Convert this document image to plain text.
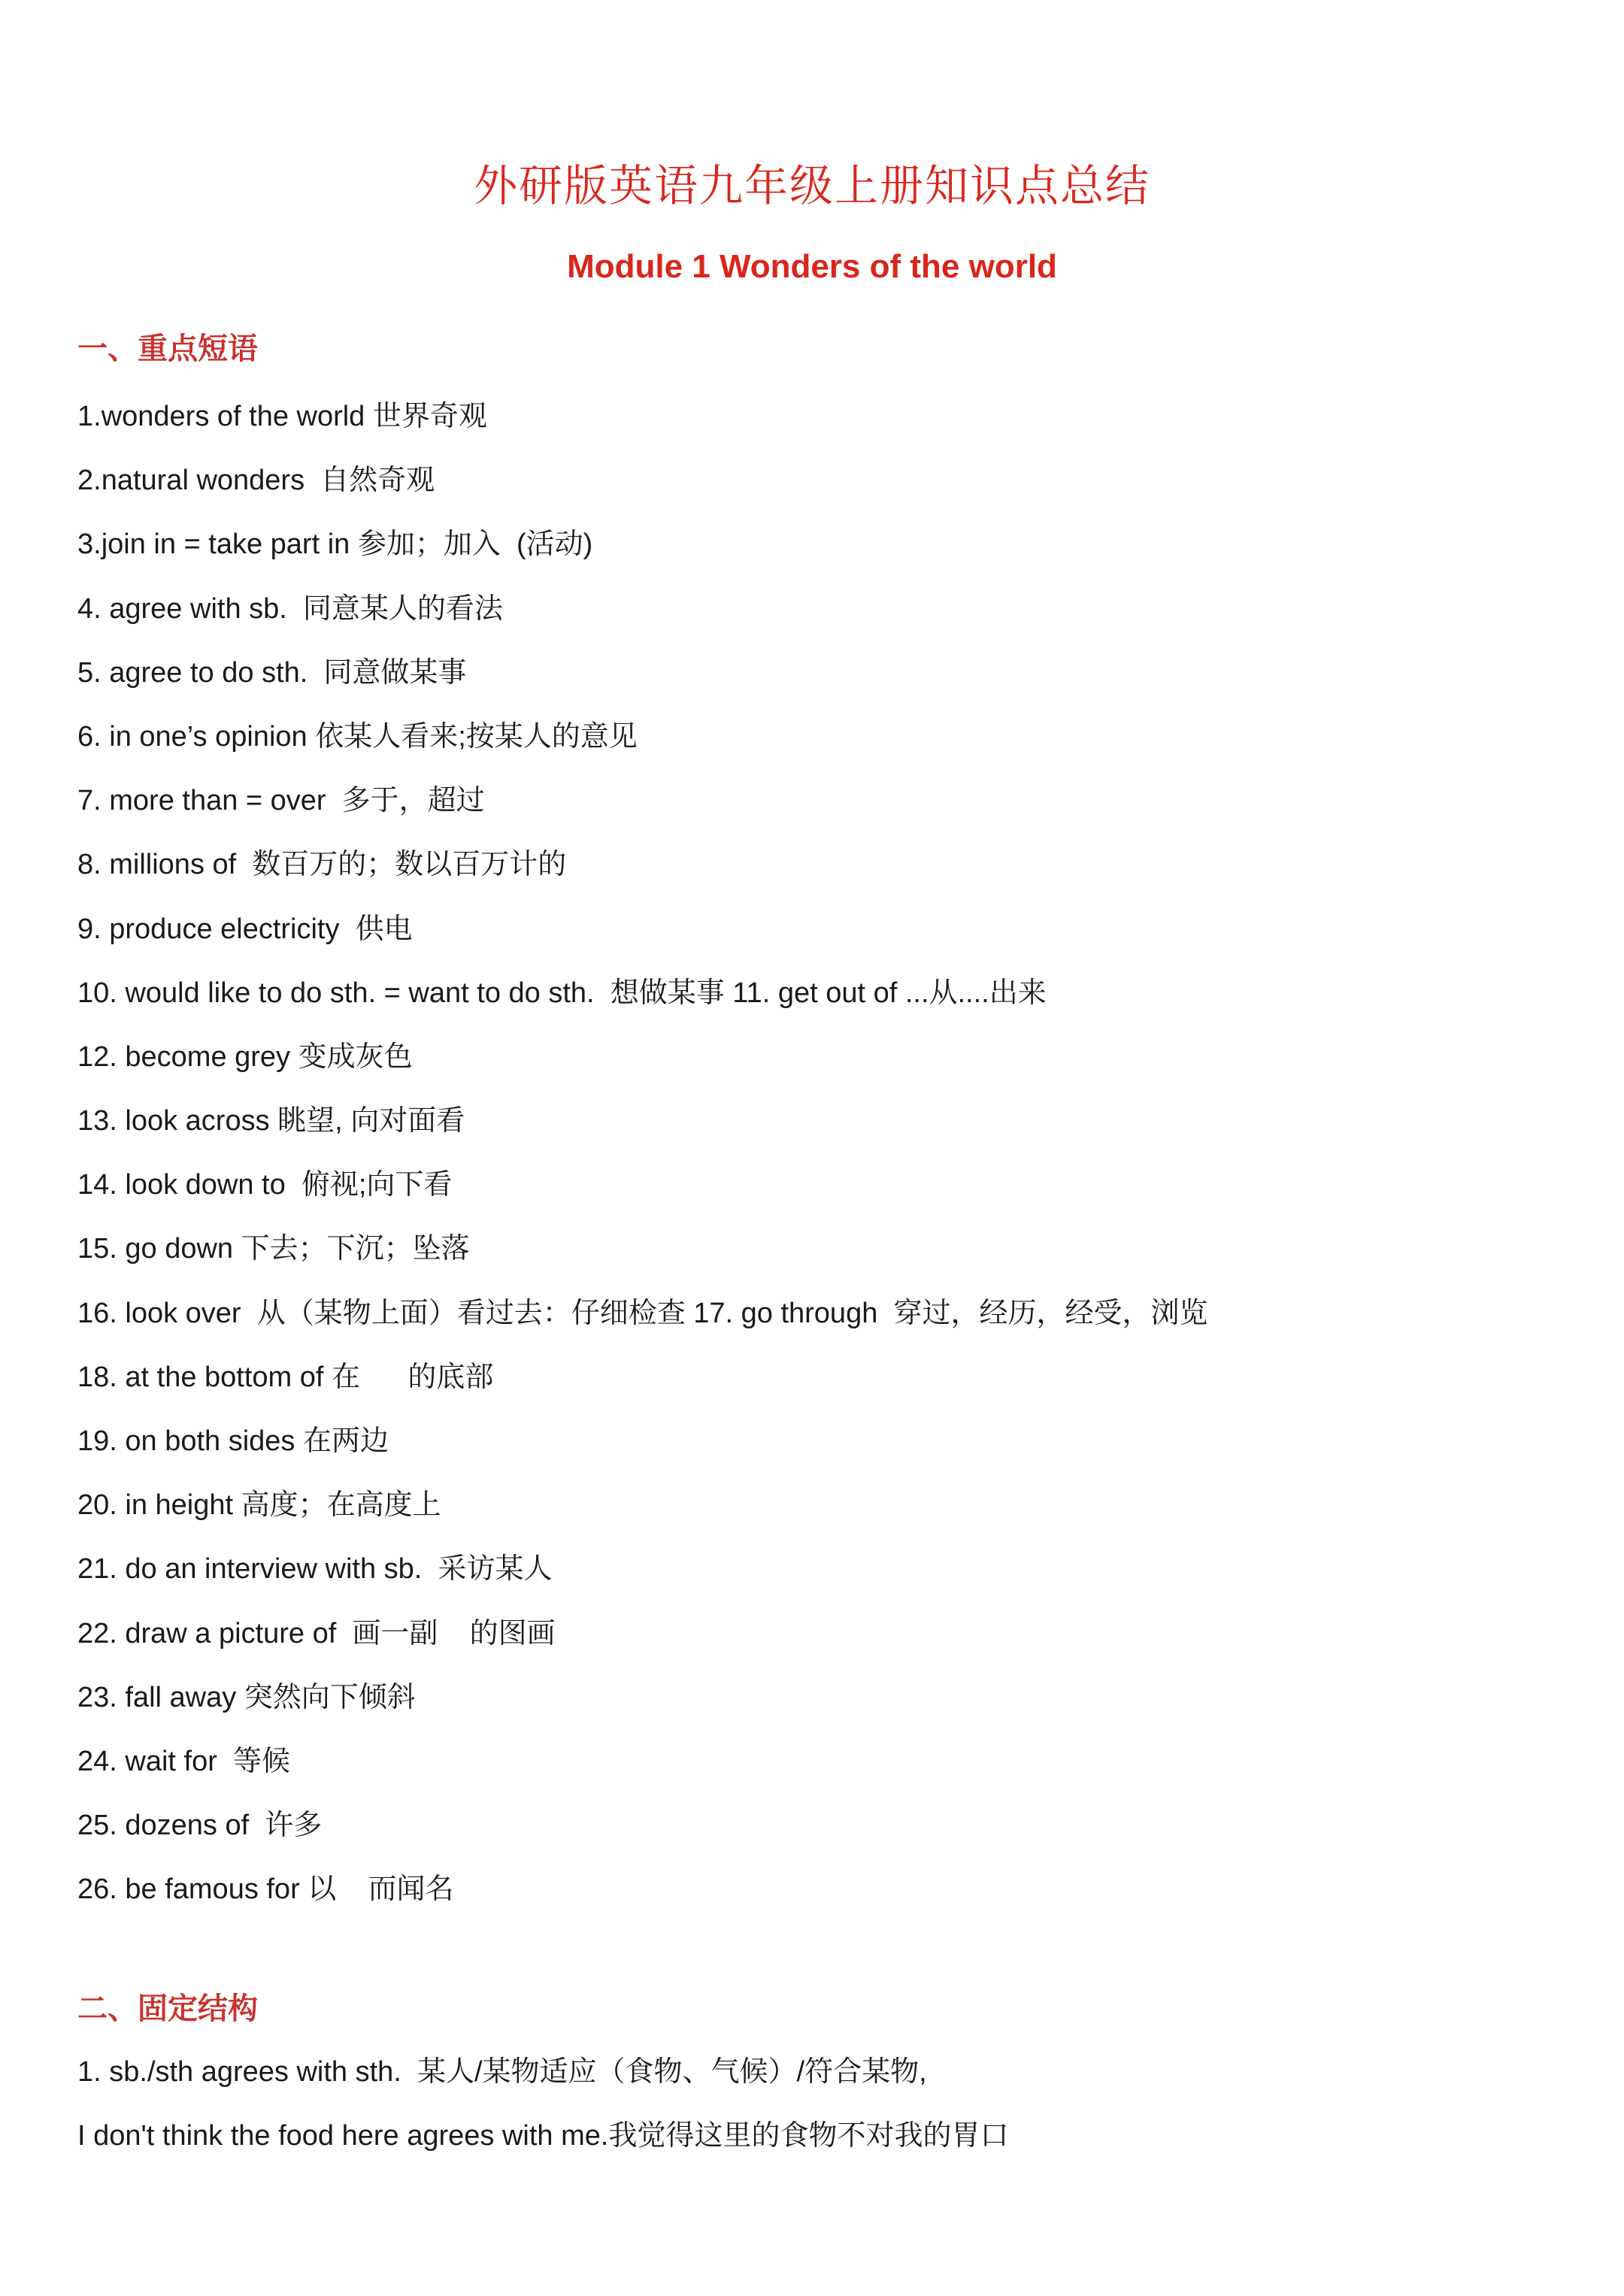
外研版英语九年级上册知识点总结
Module 1 Wonders of the world
一、重点短语
1.wonders of the world 世界奇观
2.natural wonders  自然奇观
3.join in = take part in 参加；加入  (活动)
4. agree with sb.  同意某人的看法
5. agree to do sth.  同意做某事
6. in one’s opinion 依某人看来;按某人的意见
7. more than = over  多于，超过
8. millions of  数百万的；数以百万计的
9. produce electricity  供电
10. would like to do sth. = want to do sth.  想做某事 11. get out of ...从....出来
12. become grey 变成灰色
13. look across 眺望, 向对面看
14. look down to  俯视;向下看
15. go down 下去；下沉；坠落
16. look over  从（某物上面）看过去：仔细检查 17. go through  穿过，经历，经受，浏览
18. at the bottom of 在      的底部
19. on both sides 在两边
20. in height 高度；在高度上
21. do an interview with sb.  采访某人
22. draw a picture of  画一副    的图画
23. fall away 突然向下倾斜
24. wait for  等候
25. dozens of  许多
26. be famous for 以    而闻名
二、固定结构
1. sb./sth agrees with sth.  某人/某物适应（食物、气候）/符合某物,
I don't think the food here agrees with me.我觉得这里的食物不对我的胃口
